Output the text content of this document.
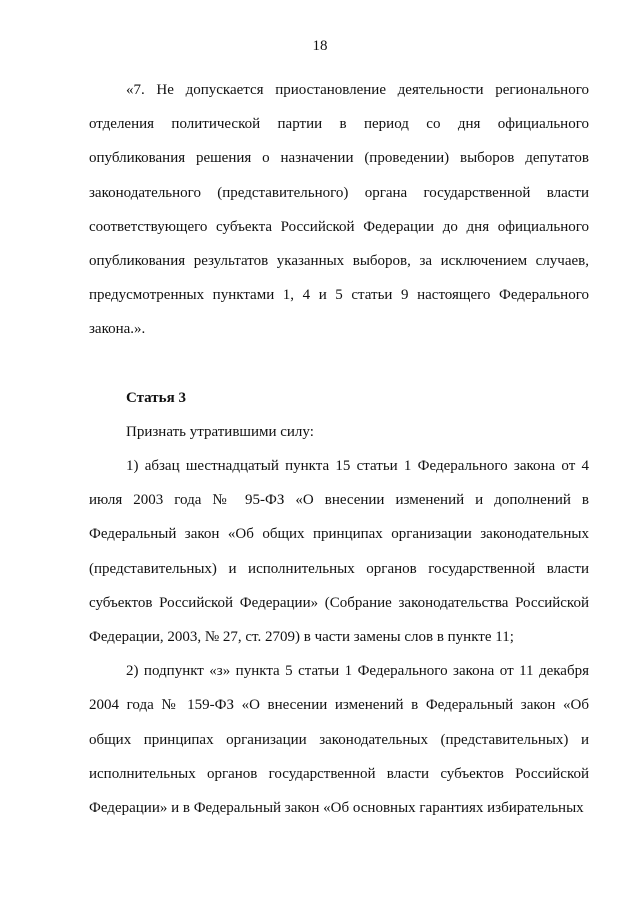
18

«7. Не допускается приостановление деятельности регионального отделения политической партии в период со дня официального опубликования решения о назначении (проведении) выборов депутатов законодательного (представительного) органа государственной власти соответствующего субъекта Российской Федерации до дня официального опубликования результатов указанных выборов, за исключением случаев, предусмотренных пунктами 1, 4 и 5 статьи 9 настоящего Федерального закона.».

Статья 3

Признать утратившими силу:

1) абзац шестнадцатый пункта 15 статьи 1 Федерального закона от 4 июля 2003 года № 95-ФЗ «О внесении изменений и дополнений в Федеральный закон «Об общих принципах организации законодательных (представительных) и исполнительных органов государственной власти субъектов Российской Федерации» (Собрание законодательства Российской Федерации, 2003, № 27, ст. 2709) в части замены слов в пункте 11;

2) подпункт «з» пункта 5 статьи 1 Федерального закона от 11 декабря 2004 года № 159-ФЗ «О внесении изменений в Федеральный закон «Об общих принципах организации законодательных (представительных) и исполнительных органов государственной власти субъектов Российской Федерации» и в Федеральный закон «Об основных гарантиях избирательных
